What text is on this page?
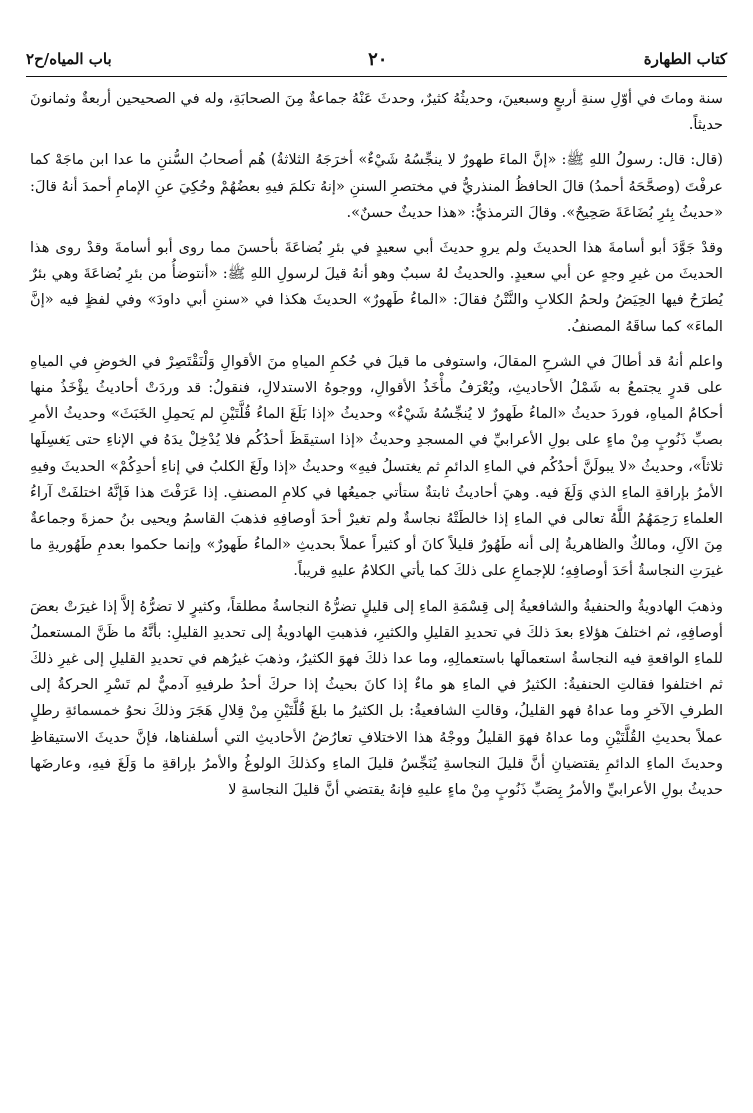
باب المياه/ح٢	٢٠	كتاب الطهارة

سنة وماتَ في أوّلِ سنةِ أربعٍ وسبعينَ، وحديثُهُ كثيرٌ، وحدثَ عَنْهُ جماعةٌ مِنَ الصحابَةِ، وله في الصحيحين أربعةٌ وثمانونَ حديثاً.

(قال: قال: رسولُ اللهِ ﷺ: «إنَّ الماءَ طهورٌ لا ينجِّسُهُ شَيْءٌ» أخرَجَهُ الثلاثةُ) هُم أصحابُ السُّننِ ما عدا ابن ماجَهْ كما عرفْتَ (وصحَّحَهُ أحمدُ) قالَ الحافظُ المنذريُّ في مختصرِ السننِ «إنهُ تكلمَ فيهِ بعضُهُمْ وحُكِيَ عنِ الإمامِ أحمدَ أنهُ قالَ: «حديثُ بِئرِ بُضَاعَةَ صَحِيحٌ». وقالَ الترمذيُّ: «هذا حديثٌ حسنٌ».

وقدْ جَوَّدَ أبو أسامةَ هذا الحديثَ ولم يروِ حديثَ أبي سعيدٍ في بئرِ بُضاعَةَ بأحسنَ مما روى أبو أسامةَ وقدْ روى هذا الحديثَ من غيرِ وجهٍ عن أبي سعيدٍ. والحديثُ لهُ سببٌ وهو أنهُ قيلَ لرسولِ اللهِ ﷺ: «أنتوضأُ من بئرِ بُضاعَةَ وهي بئرٌ يُطرَحُ فيها الحِيَضُ ولحمُ الكلابِ والنَّتْنُ فقالَ: «الماءُ طَهورٌ» الحديثَ هكذا في «سننِ أبي داودَ» وفي لفظٍ فيه «إنَّ الماءَ» كما ساقَهُ المصنفُ.

واعلم أنهُ قد أطالَ في الشرحِ المقالَ، واستوفى ما قيلَ في حُكمِ المياهِ منَ الأقوالِ وَلْنَقْتَصِرْ في الخوضِ في المياهِ على قدرٍ يجتمعُ به شَمْلُ الأحاديثِ، ويُعْرَفُ مأْخَذُ الأقوالِ، ووجوهُ الاستدلالِ، فنقولُ: قد وردَتْ أحاديثُ يؤْخَذُ منها أحكامُ المياهِ، فوردَ حديثُ «الماءُ طَهورٌ لا يُنجِّسُهُ شَيْءٌ» وحديثُ «إذا بَلَغَ الماءُ قُلَّتَيْنِ لم يَحمِلِ الخَبَثَ» وحديثُ الأمرِ بصبِّ ذَنُوبٍ مِنْ ماءٍ على بولِ الأعرابيِّ في المسجدِ وحديثُ «إذا استيقَظَ أحدُكُم فلا يُدْخِلْ يدَهُ في الإناءِ حتى يَغسِلَها ثلاثاً»، وحديثُ «لا يبولَنَّ أحدُكُم في الماءِ الدائمِ ثم يغتسلُ فيهِ» وحديثُ «إذا ولَغَ الكلبُ في إناءِ أحدِكُمْ» الحديثَ وفيهِ الأمرُ بإراقةِ الماءِ الذي وَلَغَ فيه. وهيَ أحاديثُ ثابتةٌ ستأتي جميعُها في كلامِ المصنفِ. إذا عَرَفْتَ هذا فَإنَّهُ اختلفَتْ آراءُ العلماءِ رَحِمَهُمُ اللَّهُ تعالى في الماءِ إذا خالطَتْهُ نجاسةٌ ولم تغيرْ أحدَ أوصافِهِ فذهبَ القاسمُ ويحيى بنُ حمزةَ وجماعةٌ مِنَ الآلِ، ومالكٌ والظاهريةُ إلى أنه طَهُورٌ قليلاً كانَ أو كثيراً عملاً بحديثِ «الماءُ طَهورٌ» وإنما حكموا بعدمِ طَهُوريةِ ما غيرَتِ النجاسةُ أحَدَ أوصافِهِ؛ للإجماعِ على ذلكَ كما يأتي الكلامُ عليهِ قريباً.

وذهبَ الهادويةُ والحنفيةُ والشافعيةُ إلى قِسْمَةِ الماءِ إلى قليلٍ تضرُّهُ النجاسةُ مطلقاً، وكثيرٍ لا تضرُّهُ إلاَّ إذا غيرَتْ بعضَ أوصافِهِ، ثم اختلفَ هؤلاءِ بعدَ ذلكَ في تحديدِ القليلِ والكثيرِ، فذهبتِ الهادويةُ إلى تحديدِ القليلِ: بأنَّهُ ما ظَنَّ المستعملُ للماءِ الواقعةِ فيه النجاسةُ استعمالَها باستعمالِهِ، وما عدا ذلكَ فهوَ الكثيرُ، وذهبَ غيرُهم في تحديدِ القليلِ إلى غيرِ ذلكَ ثم اختلفوا فقالتِ الحنفيةُ: الكثيرُ في الماءِ هو ماءٌ إذا كانَ بحيثُ إذا حركَ أحدُ طرفيهِ آدميٌّ لم تَسْرِ الحركةُ إلى الطرفِ الآخرِ وما عداهُ فهو القليلُ، وقالتِ الشافعيةُ: بل الكثيرُ ما بلغَ قُلَّتَيْنِ مِنْ قِلالِ هَجَرَ وذلكَ نحوُ خمسمائةِ رطلٍ عملاً بحديثِ القُلَّتَيْنِ وما عداهُ فهوَ القليلُ ووجْهُ هذا الاختلافِ تعارُضُ الأحاديثِ التي أسلفناها، فإنَّ حديثَ الاستيقاظِ وحديثَ الماءِ الدائمِ يقتضيانِ أنَّ قليلَ النجاسةِ يُنَجِّسُ قليلَ الماءِ وكذلكَ الولوغُ والأمرُ بإراقةِ ما وَلَغَ فيهِ، وعارضَها حديثُ بولِ الأعرابيِّ والأمرُ بِصَبِّ ذَنُوبٍ مِنْ ماءٍ عليهِ فإنهُ يقتضي أنَّ قليلَ النجاسةِ لا
